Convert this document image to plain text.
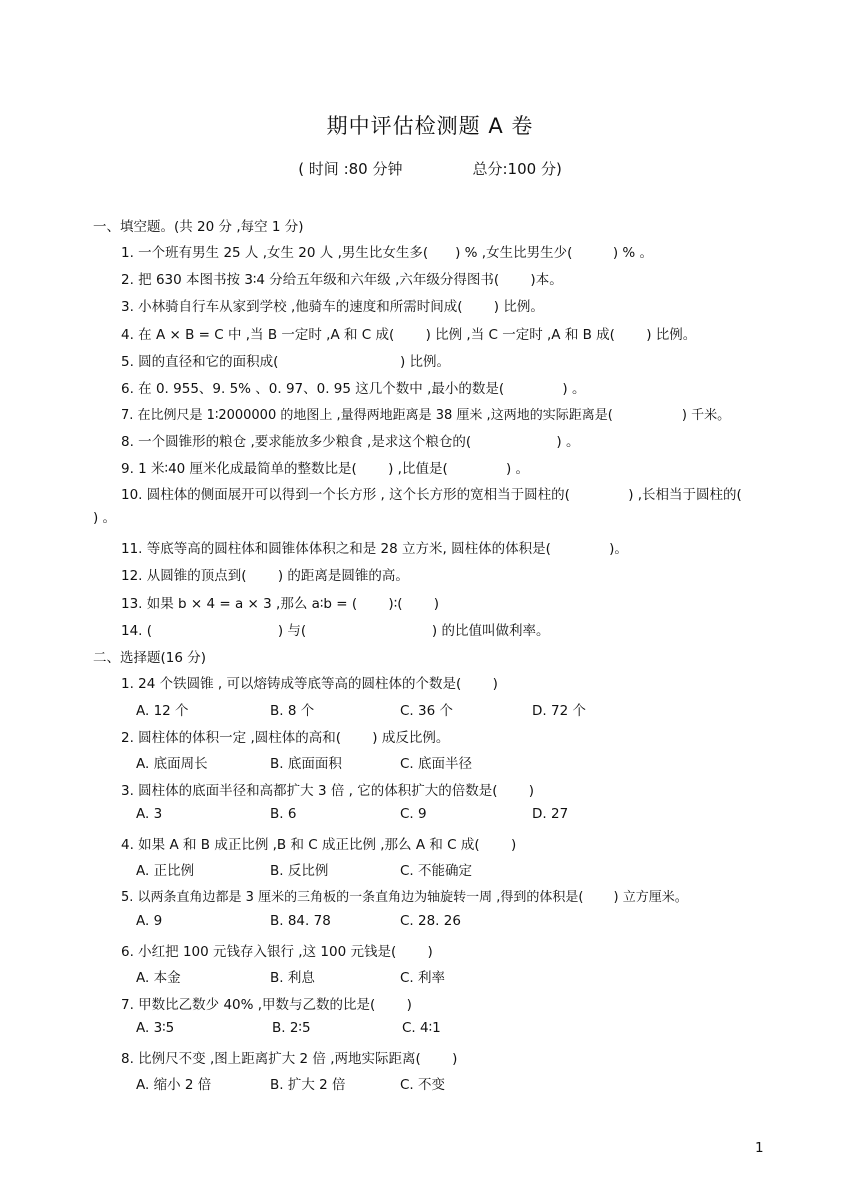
期中评估检测题 A 卷
( 时间 :80 分钟	总分:100 分)
一、填空题。(共 20 分 ,每空 1 分)
1. 一个班有男生 25 人 ,女生 20 人 ,男生比女生多(　　) % ,女生比男生少(　　　) % 。
2. 把 630 本图书按 3∶4 分给五年级和六年级 ,六年级分得图书(　　 )本。
3. 小林骑自行车从家到学校 ,他骑车的速度和所需时间成(　　 ) 比例。
4. 在 A × B = C 中 ,当 B 一定时 ,A 和 C 成(　　 ) 比例 ,当 C 一定时 ,A 和 B 成(　　 ) 比例。
5. 圆的直径和它的面积成(　　　　　　　　　) 比例。
6. 在 0. 955、9. 5% 、0. 97、0. 95 这几个数中 ,最小的数是(　　　　 ) 。
7. 在比例尺是 1∶2000000 的地图上 ,量得两地距离是 38 厘米 ,这两地的实际距离是(　　　　　 ) 千米。
8. 一个圆锥形的粮仓 ,要求能放多少粮食 ,是求这个粮仓的(　　　　　　 ) 。
9. 1 米∶40 厘米化成最简单的整数比是(　　 ) ,比值是(　　　　 ) 。
10. 圆柱体的侧面展开可以得到一个长方形 , 这个长方形的宽相当于圆柱的(　　　　 ) ,长相当于圆柱的(　　　　 ) 。
11. 等底等高的圆柱体和圆锥体体积之和是 28 立方米, 圆柱体的体积是(　　　　 )。
12. 从圆锥的顶点到(　　 ) 的距离是圆锥的高。
13. 如果 b × 4 = a × 3 ,那么 a∶b = (　　 )∶(　　 )
14. (　　　　　　　　　 ) 与(　　　　　　　　　 ) 的比值叫做利率。
二、选择题(16 分)
1. 24 个铁圆锥 , 可以熔铸成等底等高的圆柱体的个数是(　　 )
A. 12 个	B. 8 个	C. 36 个	D. 72 个
2. 圆柱体的体积一定 ,圆柱体的高和(　　 ) 成反比例。
A. 底面周长	B. 底面面积	C. 底面半径
3. 圆柱体的底面半径和高都扩大 3 倍 , 它的体积扩大的倍数是(　　 )
A. 3	B. 6	C. 9	D. 27
4. 如果 A 和 B 成正比例 ,B 和 C 成正比例 ,那么 A 和 C 成(　　 )
A. 正比例	B. 反比例	C. 不能确定
5. 以两条直角边都是 3 厘米的三角板的一条直角边为轴旋转一周 ,得到的体积是(　　 ) 立方厘米。
A. 9	B. 84. 78	C. 28. 26
6. 小红把 100 元钱存入银行 ,这 100 元钱是(　　 )
A. 本金	B. 利息	C. 利率
7. 甲数比乙数少 40% ,甲数与乙数的比是(　　 )
A. 3∶5	B. 2∶5	C. 4∶1
8. 比例尺不变 ,图上距离扩大 2 倍 ,两地实际距离(　　 )
A. 缩小 2 倍	B. 扩大 2 倍	C. 不变
1
